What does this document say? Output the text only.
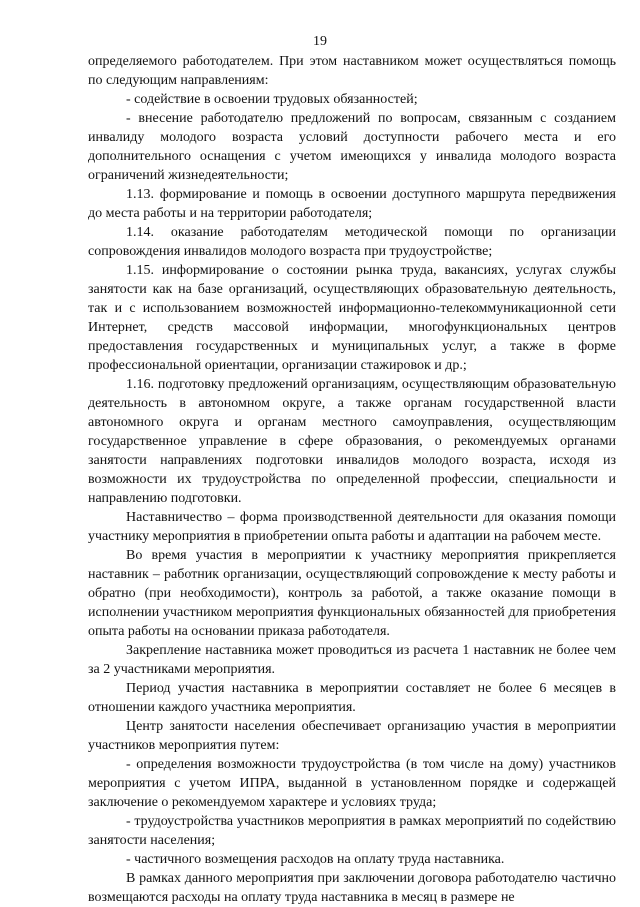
19

определяемого работодателем. При этом наставником может осуществляться помощь по следующим направлениям:

- содействие в освоении трудовых обязанностей;

- внесение работодателю предложений по вопросам, связанным с созданием инвалиду молодого возраста условий доступности рабочего места и его дополнительного оснащения с учетом имеющихся у инвалида молодого возраста ограничений жизнедеятельности;

1.13. формирование и помощь в освоении доступного маршрута передвижения до места работы и на территории работодателя;

1.14. оказание работодателям методической помощи по организации сопровождения инвалидов молодого возраста при трудоустройстве;

1.15. информирование о состоянии рынка труда, вакансиях, услугах службы занятости как на базе организаций, осуществляющих образовательную деятельность, так и с использованием возможностей информационно-телекоммуникационной сети Интернет, средств массовой информации, многофункциональных центров предоставления государственных и муниципальных услуг, а также в форме профессиональной ориентации, организации стажировок и др.;

1.16. подготовку предложений организациям, осуществляющим образовательную деятельность в автономном округе, а также органам государственной власти автономного округа и органам местного самоуправления, осуществляющим государственное управление в сфере образования, о рекомендуемых органами занятости направлениях подготовки инвалидов молодого возраста, исходя из возможности их трудоустройства по определенной профессии, специальности и направлению подготовки.

Наставничество – форма производственной деятельности для оказания помощи участнику мероприятия в приобретении опыта работы и адаптации на рабочем месте.

Во время участия в мероприятии к участнику мероприятия прикрепляется наставник – работник организации, осуществляющий сопровождение к месту работы и обратно (при необходимости), контроль за работой, а также оказание помощи в исполнении участником мероприятия функциональных обязанностей для приобретения опыта работы на основании приказа работодателя.

Закрепление наставника может проводиться из расчета 1 наставник не более чем за 2 участниками мероприятия.

Период участия наставника в мероприятии составляет не более 6 месяцев в отношении каждого участника мероприятия.

Центр занятости населения обеспечивает организацию участия в мероприятии участников мероприятия путем:

- определения возможности трудоустройства (в том числе на дому) участников мероприятия с учетом ИПРА, выданной в установленном порядке и содержащей заключение о рекомендуемом характере и условиях труда;

- трудоустройства участников мероприятия в рамках мероприятий по содействию занятости населения;

- частичного возмещения расходов на оплату труда наставника.

В рамках данного мероприятия при заключении договора работодателю частично возмещаются расходы на оплату труда наставника в месяц в размере не
